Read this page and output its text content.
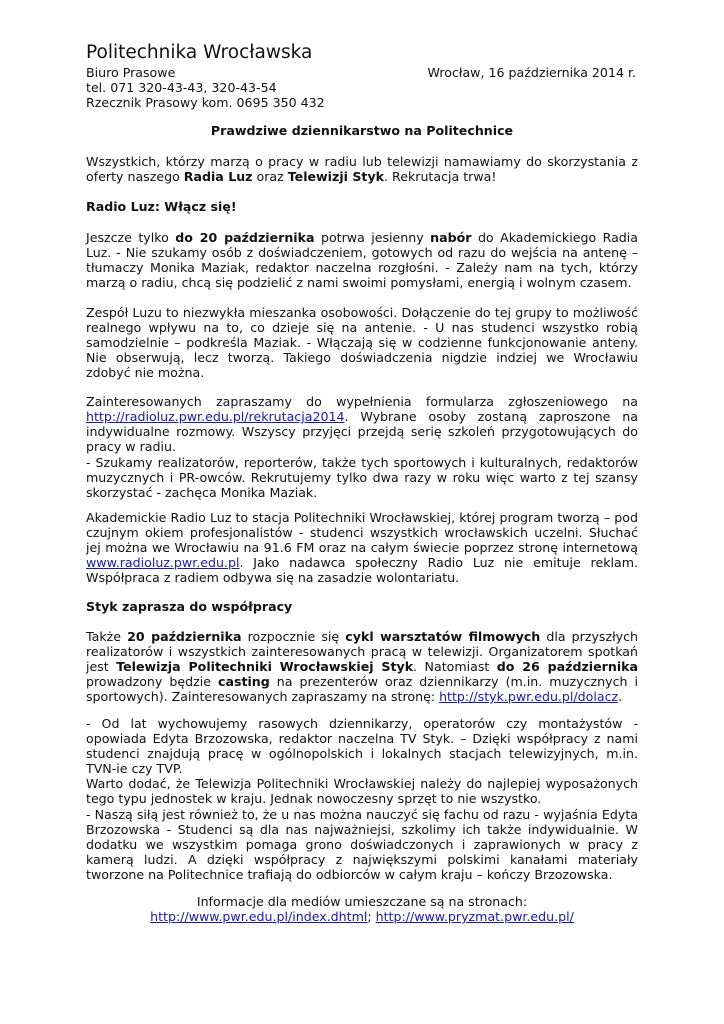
Politechnika Wrocławska
Biuro Prasowe	Wrocław, 16 października 2014 r.
tel. 071 320-43-43, 320-43-54
Rzecznik Prasowy kom. 0695 350 432
Prawdziwe dziennikarstwo na Politechnice

Wszystkich, którzy marzą o pracy w radiu lub telewizji namawiamy do skorzystania z oferty naszego Radia Luz oraz Telewizji Styk. Rekrutacja trwa!

Radio Luz: Włącz się!

Jeszcze tylko do 20 października potrwa jesienny nabór do Akademickiego Radia Luz. - Nie szukamy osób z doświadczeniem, gotowych od razu do wejścia na antenę – tłumaczy Monika Maziak, redaktor naczelna rozgłośni. - Zależy nam na tych, którzy marzą o radiu, chcą się podzielić z nami swoimi pomysłami, energią i wolnym czasem.

Zespół Luzu to niezwykła mieszanka osobowości. Dołączenie do tej grupy to możliwość realnego wpływu na to, co dzieje się na antenie. - U nas studenci wszystko robią samodzielnie – podkreśla Maziak. - Włączają się w codzienne funkcjonowanie anteny. Nie obserwują, lecz tworzą. Takiego doświadczenia nigdzie indziej we Wrocławiu zdobyć nie można.

Zainteresowanych zapraszamy do wypełnienia formularza zgłoszeniowego na http://radioluz.pwr.edu.pl/rekrutacja2014. Wybrane osoby zostaną zaproszone na indywidualne rozmowy. Wszyscy przyjęci przejdą serię szkoleń przygotowujących do pracy w radiu.

- Szukamy realizatorów, reporterów, także tych sportowych i kulturalnych, redaktorów muzycznych i PR-owców. Rekrutujemy tylko dwa razy w roku więc warto z tej szansy skorzystać - zachęca Monika Maziak.

Akademickie Radio Luz to stacja Politechniki Wrocławskiej, której program tworzą – pod czujnym okiem profesjonalistów - studenci wszystkich wrocławskich uczelni. Słuchać jej można we Wrocławiu na 91.6 FM oraz na całym świecie poprzez stronę internetową www.radioluz.pwr.edu.pl. Jako nadawca społeczny Radio Luz nie emituje reklam. Współpraca z radiem odbywa się na zasadzie wolontariatu.

Styk zaprasza do współpracy

Także 20 października rozpocznie się cykl warsztatów filmowych dla przyszłych realizatorów i wszystkich zainteresowanych pracą w telewizji. Organizatorem spotkań jest Telewizja Politechniki Wrocławskiej Styk. Natomiast do 26 października prowadzony będzie casting na prezenterów oraz dziennikarzy (m.in. muzycznych i sportowych). Zainteresowanych zapraszamy na stronę: http://styk.pwr.edu.pl/dolacz.

- Od lat wychowujemy rasowych dziennikarzy, operatorów czy montażystów - opowiada Edyta Brzozowska, redaktor naczelna TV Styk. – Dzięki współpracy z nami studenci znajdują pracę w ogólnopolskich i lokalnych stacjach telewizyjnych, m.in. TVN-ie czy TVP.

Warto dodać, że Telewizja Politechniki Wrocławskiej należy do najlepiej wyposażonych tego typu jednostek w kraju. Jednak nowoczesny sprzęt to nie wszystko.

- Naszą siłą jest również to, że u nas można nauczyć się fachu od razu - wyjaśnia Edyta Brzozowska - Studenci są dla nas najważniejsi, szkolimy ich także indywidualnie. W dodatku we wszystkim pomaga grono doświadczonych i zaprawionych w pracy z kamerą ludzi. A dzięki współpracy z największymi polskimi kanałami materiały tworzone na Politechnice trafiają do odbiorców w całym kraju – kończy Brzozowska.

Informacje dla mediów umieszczane są na stronach:
http://www.pwr.edu.pl/index.dhtml; http://www.pryzmat.pwr.edu.pl/
